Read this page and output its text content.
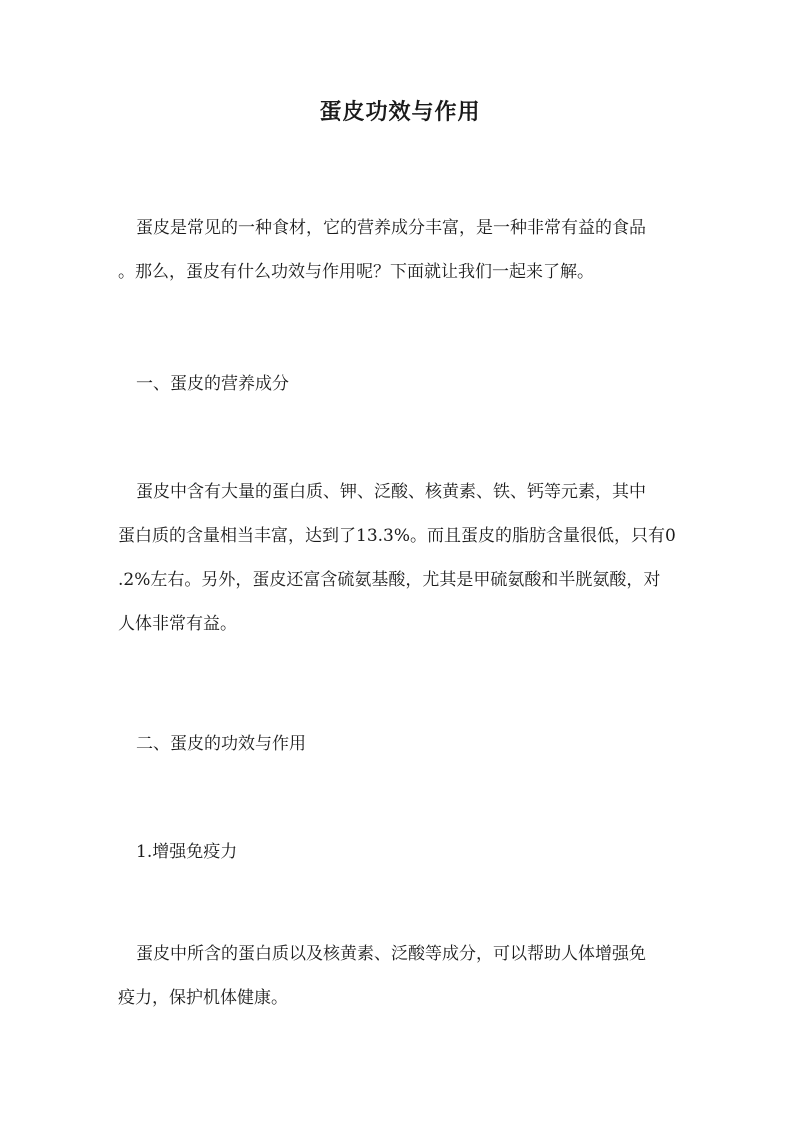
蛋皮功效与作用
蛋皮是常见的一种食材，它的营养成分丰富，是一种非常有益的食品
。那么，蛋皮有什么功效与作用呢？下面就让我们一起来了解。
一、蛋皮的营养成分
蛋皮中含有大量的蛋白质、钾、泛酸、核黄素、铁、钙等元素，其中
蛋白质的含量相当丰富，达到了13.3%。而且蛋皮的脂肪含量很低，只有0
.2%左右。另外，蛋皮还富含硫氨基酸，尤其是甲硫氨酸和半胱氨酸，对
人体非常有益。
二、蛋皮的功效与作用
1.增强免疫力
蛋皮中所含的蛋白质以及核黄素、泛酸等成分，可以帮助人体增强免
疫力，保护机体健康。
